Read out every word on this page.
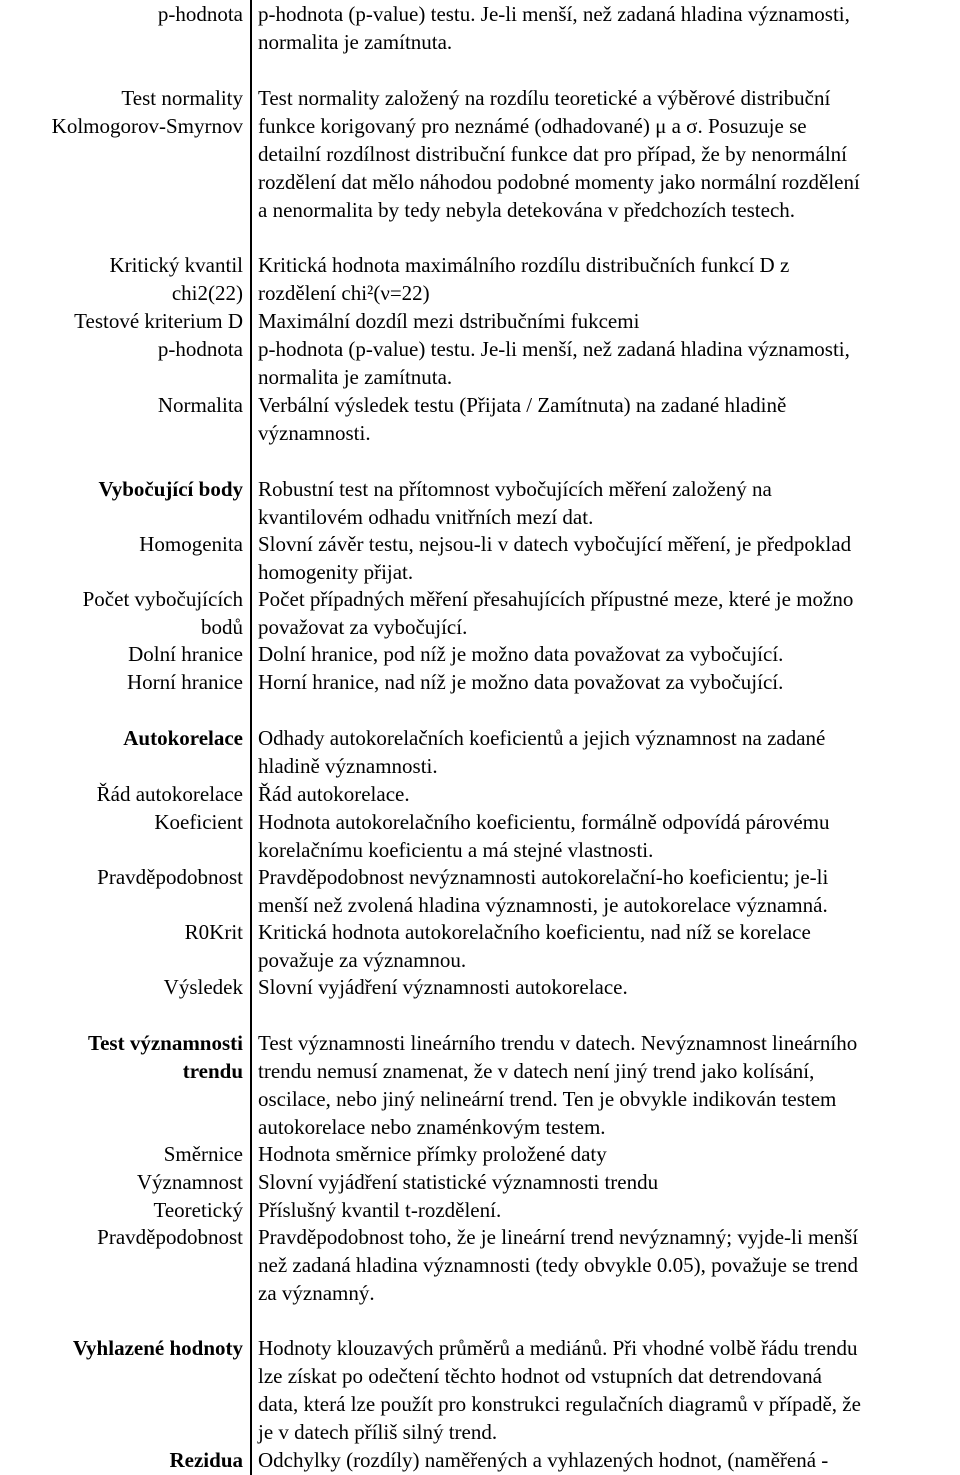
p-hodnota p-hodnota (p-value) testu. Je-li menší, než zadaná hladina významosti,
normalita je zamítnuta.
Test normality
Kolmogorov-Smyrnov
Test normality založený na rozdílu teoretické a výběrové distribuční
funkce korigovaný pro neznámé (odhadované) μ a σ. Posuzuje se
detailní rozdílnost distribuční funkce dat pro případ, že by nenormální
rozdělení dat mělo náhodou podobné momenty jako normální rozdělení
a nenormalita by tedy nebyla detekována v předchozích testech.
Kritický kvantil
chi2(22)
Kritická hodnota maximálního rozdílu distribučních funkcí D z
rozdělení chi²(ν=22)
Testové kriterium D Maximální dozdíl mezi dstribučními fukcemi
p-hodnota p-hodnota (p-value) testu. Je-li menší, než zadaná hladina významosti,
normalita je zamítnuta.
Normalita Verbální výsledek testu (Přijata / Zamítnuta) na zadané hladině
významnosti.
Vybočující body Robustní test na přítomnost vybočujících měření založený na
kvantilovém odhadu vnitřních mezí dat.
Homogenita Slovní závěr testu, nejsou-li v datech vybočující měření, je předpoklad
homogenity přijat.
Počet vybočujících
bodů
Počet případných měření přesahujících přípustné meze, které je možno
považovat za vybočující.
Dolní hranice Dolní hranice, pod níž je možno data považovat za vybočující.
Horní hranice Horní hranice, nad níž je možno data považovat za vybočující.
Autokorelace Odhady autokorelačních koeficientů a jejich významnost na zadané
hladině významnosti.
Řád autokorelace Řád autokorelace.
Koeficient Hodnota autokorelačního koeficientu, formálně odpovídá párovému
korelačnímu koeficientu a má stejné vlastnosti.
Pravděpodobnost Pravděpodobnost nevýznamnosti autokorelační-ho koeficientu; je-li
menší než zvolená hladina významnosti, je autokorelace významná.
R0Krit Kritická hodnota autokorelačního koeficientu, nad níž se korelace
považuje za významnou.
Výsledek Slovní vyjádření významnosti autokorelace.
Test významnosti
trendu
Test významnosti lineárního trendu v datech. Nevýznamnost lineárního
trendu nemusí znamenat, že v datech není jiný trend jako kolísání,
oscilace, nebo jiný nelineární trend. Ten je obvykle indikován testem
autokorelace nebo znaménkovým testem.
Směrnice Hodnota směrnice přímky proložené daty
Významnost Slovní vyjádření statistické významnosti trendu
Teoretický Příslušný kvantil t-rozdělení.
Pravděpodobnost Pravděpodobnost toho, že je lineární trend nevýznamný; vyjde-li menší
než zadaná hladina významnosti (tedy obvykle 0.05), považuje se trend
za významný.
Vyhlazené hodnoty Hodnoty klouzavých průměrů a mediánů. Při vhodné volbě řádu trendu
lze získat po odečtení těchto hodnot od vstupních dat detrendovaná
data, která lze použít pro konstrukci regulačních diagramů v případě, že
je v datech příliš silný trend.
Rezidua Odchylky (rozdíly) naměřených a vyhlazených hodnot, (naměřená -
